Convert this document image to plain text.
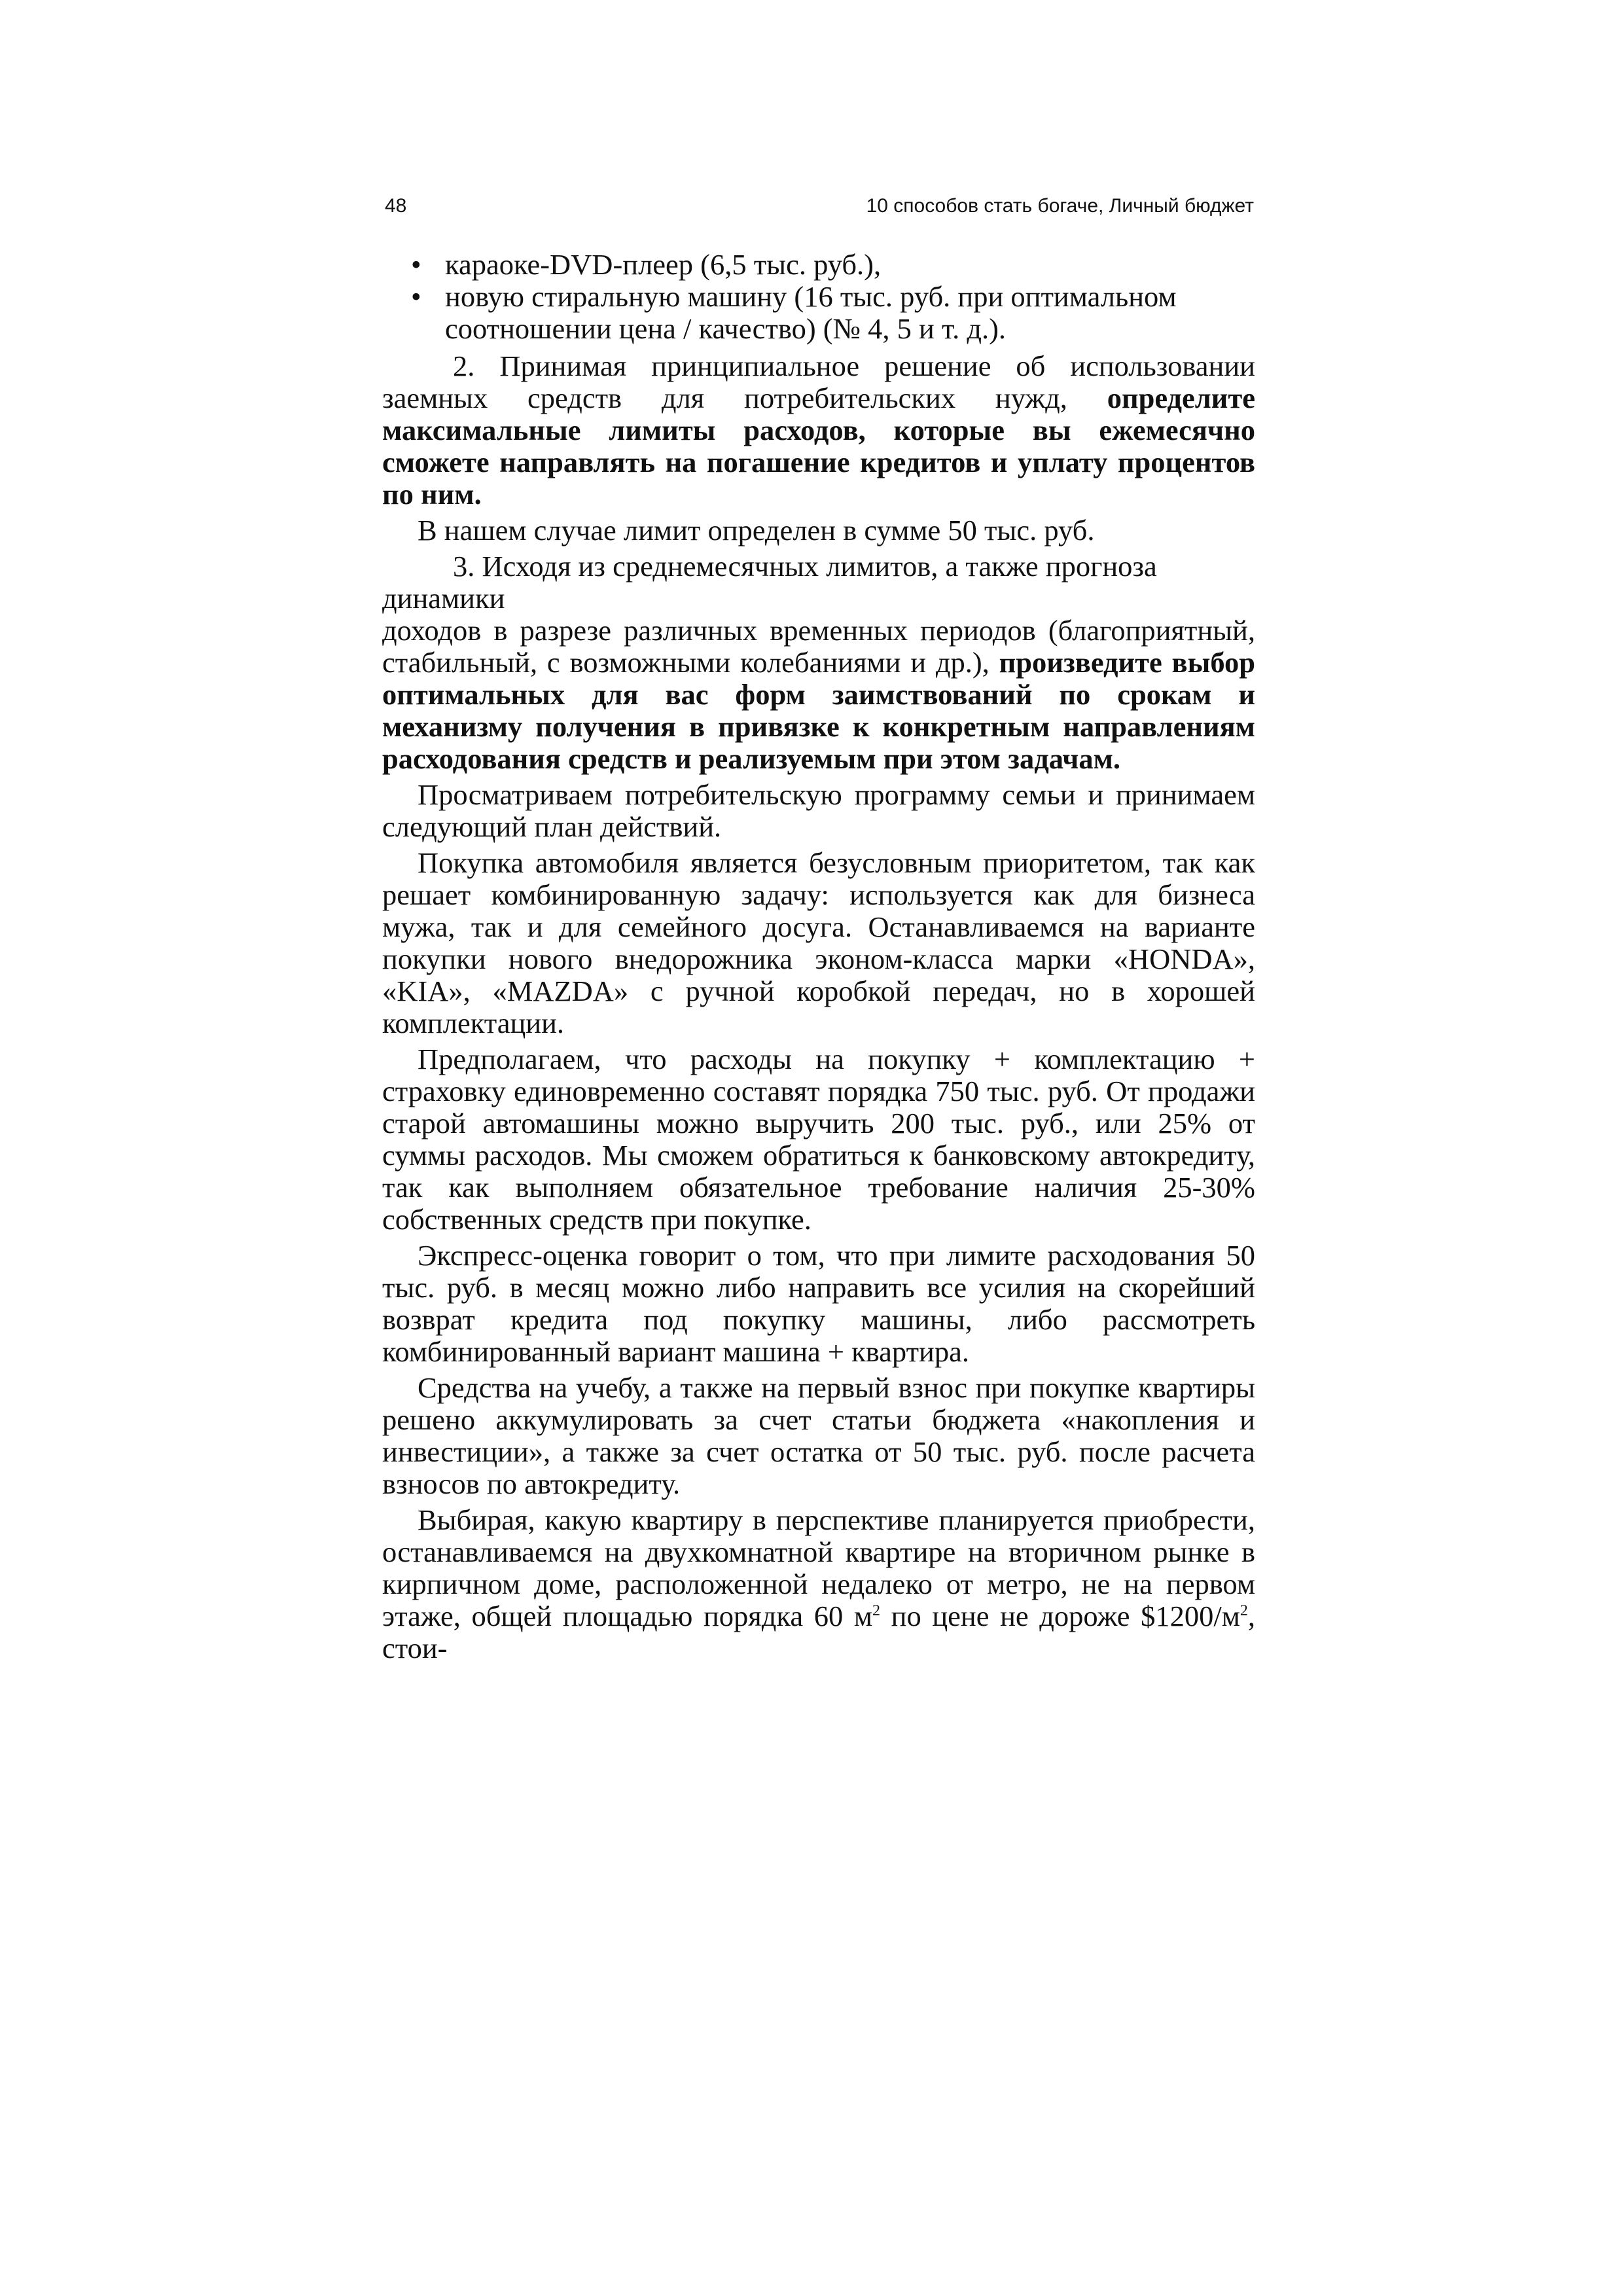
48	10 способов стать богаче, Личный бюджет
• караоке-DVD-плеер (6,5 тыс. руб.),
• новую стиральную машину (16 тыс. руб. при оптимальном соотношении цена / качество) (№ 4, 5 и т. д.).

2. Принимая принципиальное решение об использовании заемных средств для потребительских нужд, определите максимальные лимиты расходов, которые вы ежемесячно сможете направлять на погашение кредитов и уплату процентов по ним.

В нашем случае лимит определен в сумме 50 тыс. руб.

3. Исходя из среднемесячных лимитов, а также прогноза динамики

доходов в разрезе различных временных периодов (благоприятный, стабильный, с возможными колебаниями и др.), произведите выбор оптимальных для вас форм заимствований по срокам и механизму получения в привязке к конкретным направлениям расходования средств и реализуемым при этом задачам.

Просматриваем потребительскую программу семьи и принимаем следующий план действий.

Покупка автомобиля является безусловным приоритетом, так как решает комбинированную задачу: используется как для бизнеса мужа, так и для семейного досуга. Останавливаемся на варианте покупки нового внедорожника эконом-класса марки «HONDA», «KIA», «MAZDA» с ручной коробкой передач, но в хорошей комплектации.

Предполагаем, что расходы на покупку + комплектацию + страховку единовременно составят порядка 750 тыс. руб. От продажи старой автомашины можно выручить 200 тыс. руб., или 25% от суммы расходов. Мы сможем обратиться к банковскому автокредиту, так как выполняем обязательное требование наличия 25-30% собственных средств при покупке.

Экспресс-оценка говорит о том, что при лимите расходования 50 тыс. руб. в месяц можно либо направить все усилия на скорейший возврат кредита под покупку машины, либо рассмотреть комбинированный вариант машина + квартира.

Средства на учебу, а также на первый взнос при покупке квартиры решено аккумулировать за счет статьи бюджета «накопления и инвестиции», а также за счет остатка от 50 тыс. руб. после расчета взносов по автокредиту.

Выбирая, какую квартиру в перспективе планируется приобрести, останавливаемся на двухкомнатной квартире на вторичном рынке в кирпичном доме, расположенной недалеко от метро, не на первом этаже, общей площадью порядка 60 $м^2$ по цене не дороже $\$1200/м^2$, стои-
